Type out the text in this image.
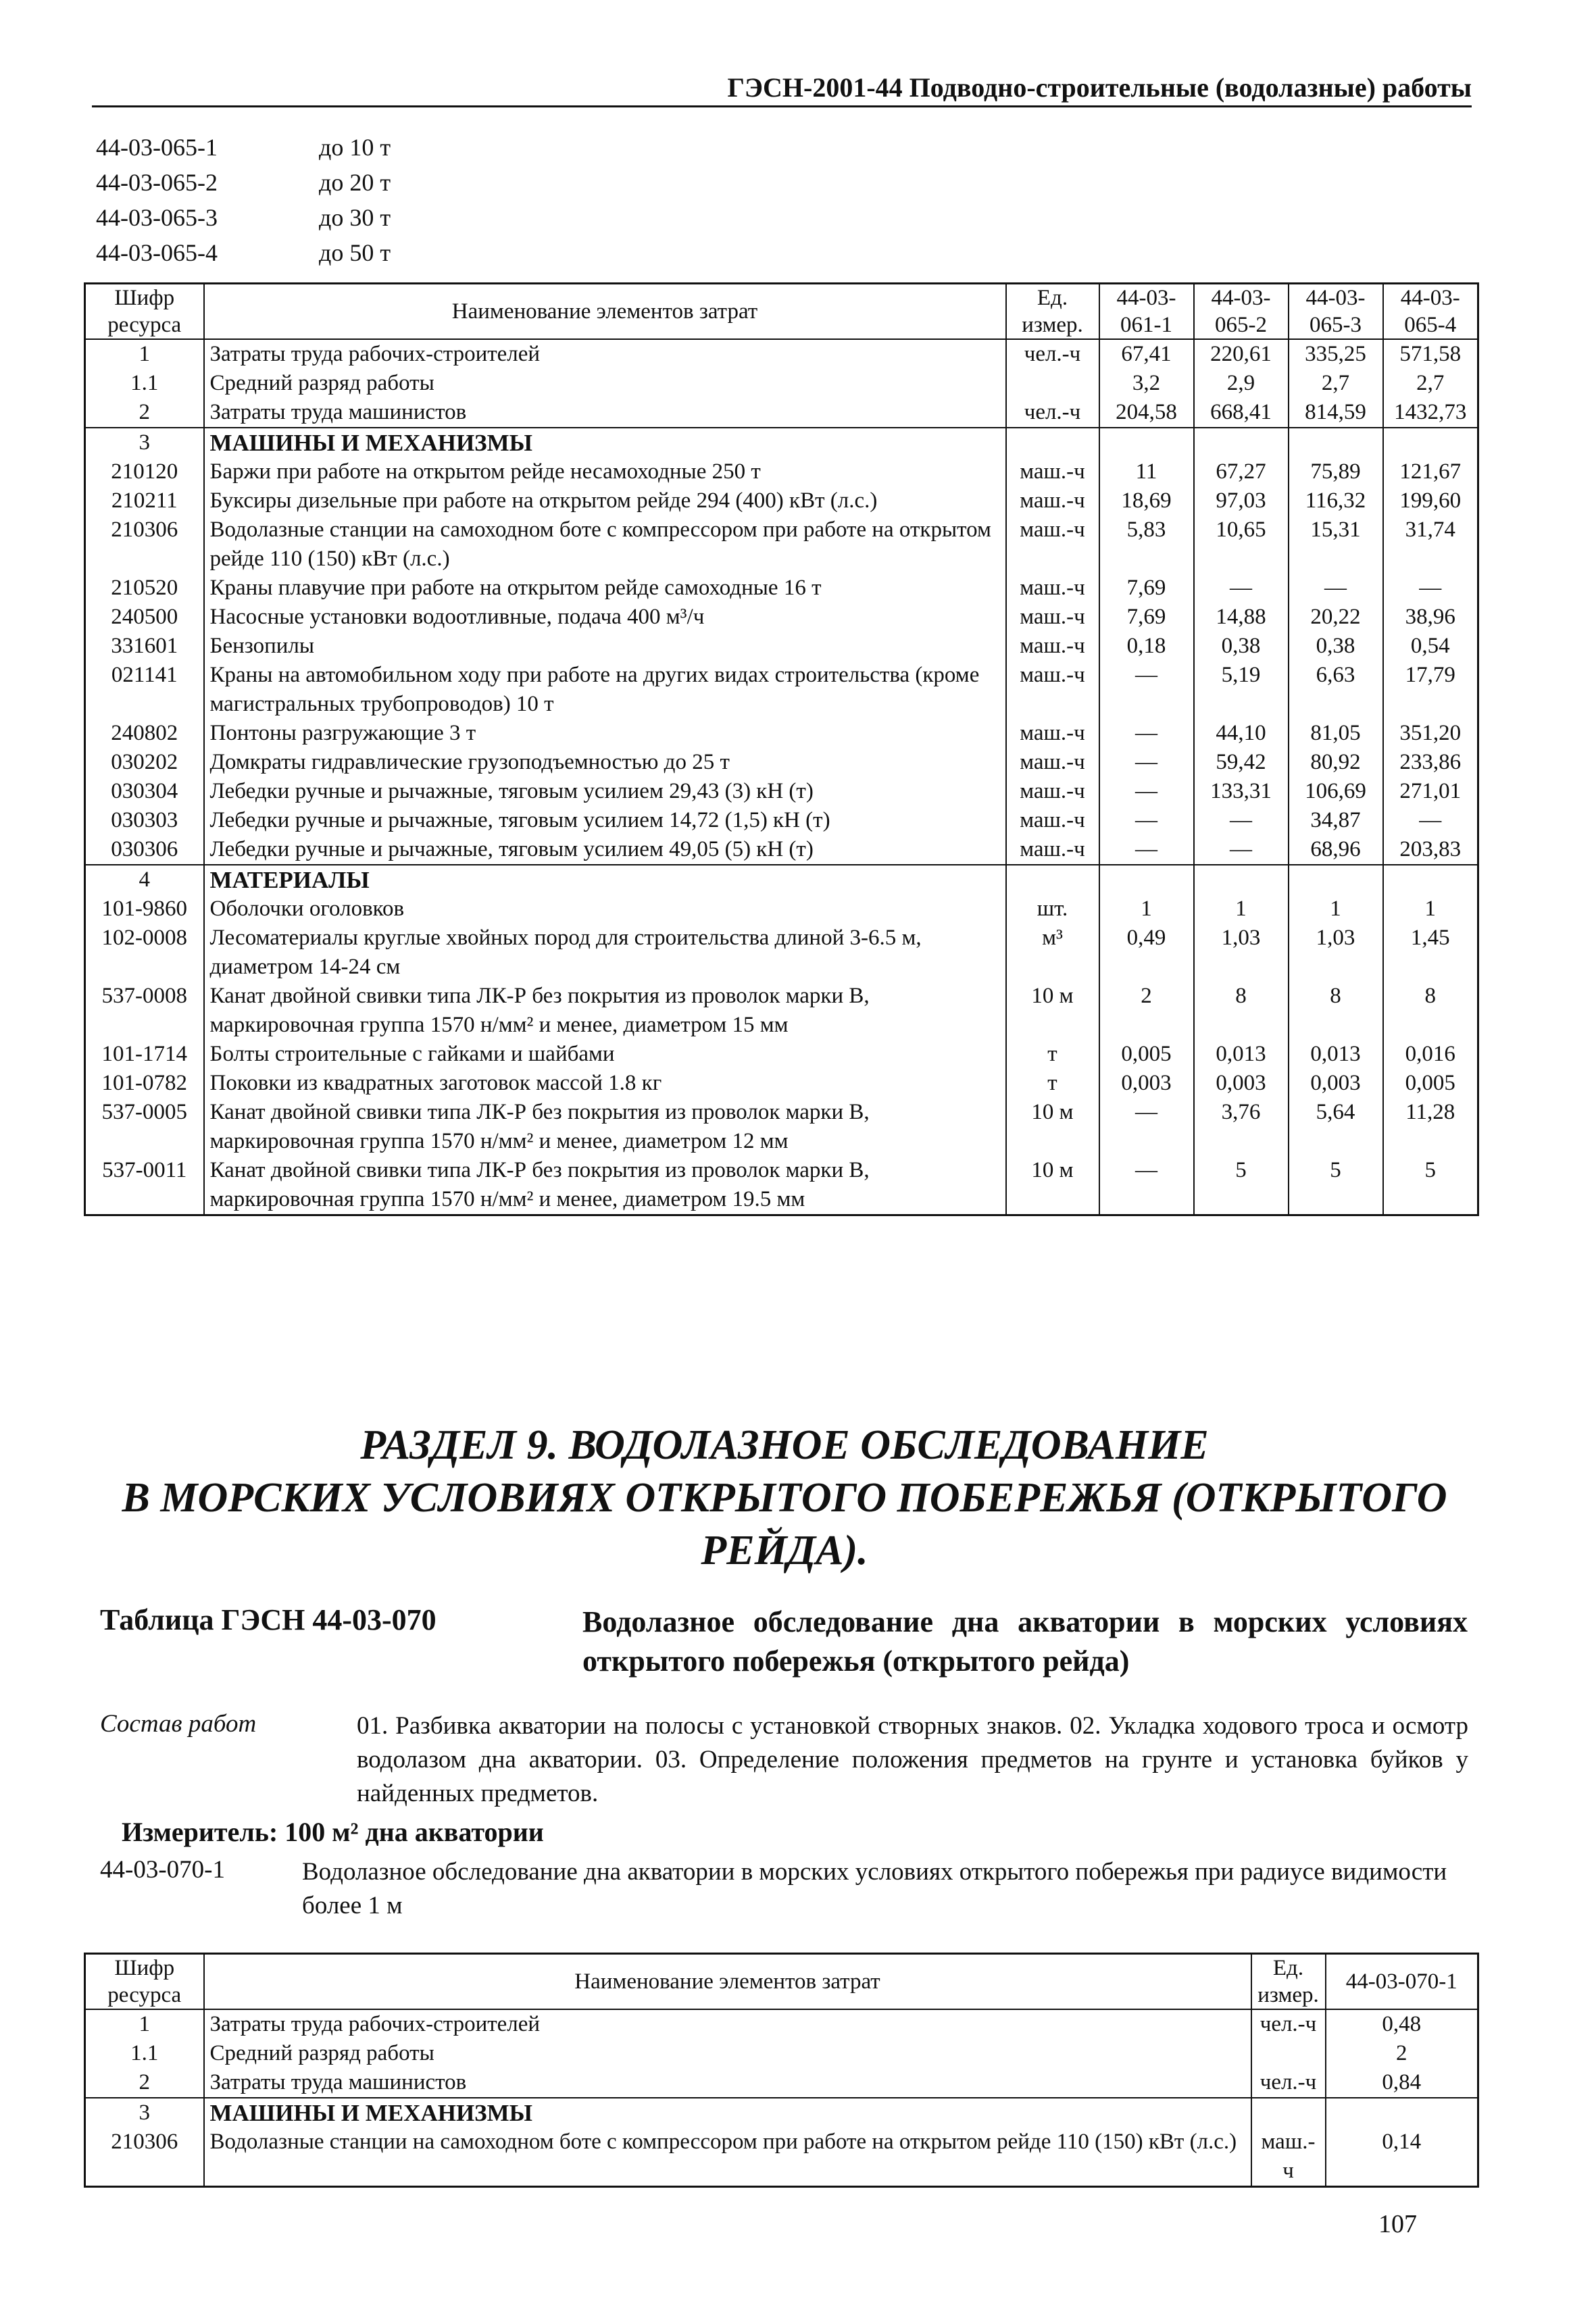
ГЭСН-2001-44 Подводно-строительные (водолазные) работы
44-03-065-1	до 10 т
44-03-065-2	до 20 т
44-03-065-3	до 30 т
44-03-065-4	до 50 т
Шифр ресурса	Наименование элементов затрат	Ед. измер.	44-03-061-1	44-03-065-2	44-03-065-3	44-03-065-4
1	Затраты труда рабочих-строителей	чел.-ч	67,41	220,61	335,25	571,58
1.1	Средний разряд работы		3,2	2,9	2,7	2,7
2	Затраты труда машинистов	чел.-ч	204,58	668,41	814,59	1432,73
3	МАШИНЫ И МЕХАНИЗМЫ					
210120	Баржи при работе на открытом рейде несамоходные 250 т	маш.-ч	11	67,27	75,89	121,67
210211	Буксиры дизельные при работе на открытом рейде 294 (400) кВт (л.с.)	маш.-ч	18,69	97,03	116,32	199,60
210306	Водолазные станции на самоходном боте с компрессором при работе на открытом рейде 110 (150) кВт (л.с.)	маш.-ч	5,83	10,65	15,31	31,74
210520	Краны плавучие при работе на открытом рейде самоходные 16 т	маш.-ч	7,69	—	—	—
240500	Насосные установки водоотливные, подача 400 м³/ч	маш.-ч	7,69	14,88	20,22	38,96
331601	Бензопилы	маш.-ч	0,18	0,38	0,38	0,54
021141	Краны на автомобильном ходу при работе на других видах строительства (кроме магистральных трубопроводов) 10 т	маш.-ч	—	5,19	6,63	17,79
240802	Понтоны разгружающие 3 т	маш.-ч	—	44,10	81,05	351,20
030202	Домкраты гидравлические грузоподъемностью до 25 т	маш.-ч	—	59,42	80,92	233,86
030304	Лебедки ручные и рычажные, тяговым усилием 29,43 (3) кН (т)	маш.-ч	—	133,31	106,69	271,01
030303	Лебедки ручные и рычажные, тяговым усилием 14,72 (1,5) кН (т)	маш.-ч	—	—	34,87	—
030306	Лебедки ручные и рычажные, тяговым усилием 49,05 (5) кН (т)	маш.-ч	—	—	68,96	203,83
4	МАТЕРИАЛЫ					
101-9860	Оболочки оголовков	шт.	1	1	1	1
102-0008	Лесоматериалы круглые хвойных пород для строительства длиной 3-6.5 м, диаметром 14-24 см	м³	0,49	1,03	1,03	1,45
537-0008	Канат двойной свивки типа ЛК-Р без покрытия из проволок марки В, маркировочная группа 1570 н/мм² и менее, диаметром 15 мм	10 м	2	8	8	8
101-1714	Болты строительные с гайками и шайбами	т	0,005	0,013	0,013	0,016
101-0782	Поковки из квадратных заготовок массой 1.8 кг	т	0,003	0,003	0,003	0,005
537-0005	Канат двойной свивки типа ЛК-Р без покрытия из проволок марки В, маркировочная группа 1570 н/мм² и менее, диаметром 12 мм	10 м	—	3,76	5,64	11,28
537-0011	Канат двойной свивки типа ЛК-Р без покрытия из проволок марки В, маркировочная группа 1570 н/мм² и менее, диаметром 19.5 мм	10 м	—	5	5	5
РАЗДЕЛ 9. ВОДОЛАЗНОЕ ОБСЛЕДОВАНИЕ
В МОРСКИХ УСЛОВИЯХ ОТКРЫТОГО ПОБЕРЕЖЬЯ (ОТКРЫТОГО
РЕЙДА).
Таблица ГЭСН 44-03-070	Водолазное обследование дна акватории в морских условиях открытого побережья (открытого рейда)
Состав работ	01. Разбивка акватории на полосы с установкой створных знаков. 02. Укладка ходового троса и осмотр водолазом дна акватории. 03. Определение положения предметов на грунте и установка буйков у найденных предметов.
Измеритель: 100 м² дна акватории
44-03-070-1	Водолазное обследование дна акватории в морских условиях открытого побережья при радиусе видимости более 1 м
Шифр ресурса	Наименование элементов затрат	Ед. измер.	44-03-070-1
1	Затраты труда рабочих-строителей	чел.-ч	0,48
1.1	Средний разряд работы		2
2	Затраты труда машинистов	чел.-ч	0,84
3	МАШИНЫ И МЕХАНИЗМЫ		
210306	Водолазные станции на самоходном боте с компрессором при работе на открытом рейде 110 (150) кВт (л.с.)	маш.-ч	0,14
107
